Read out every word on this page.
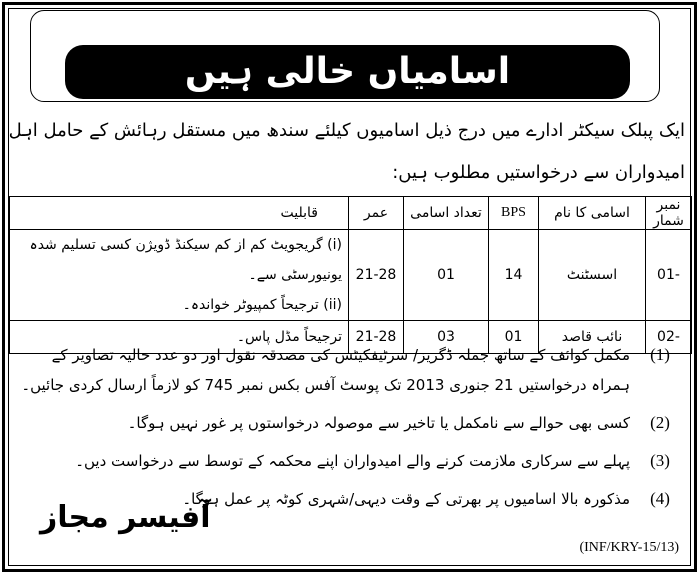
اسامیاں خالی ہیں
ایک پبلک سیکٹر ادارے میں درج ذیل اسامیوں کیلئے سندھ میں مستقل رہائش کے حامل اہل امیدواران سے درخواستیں مطلوب ہیں:
نمبر شمار	اسامی کا نام	BPS	تعداد اسامی	عمر	قابلیت
-01	اسسٹنٹ	14	01	21-28	(i) گریجویٹ کم از کم سیکنڈ ڈویژن کسی تسلیم شدہ یونیورسٹی سے۔
(ii) ترجیحاً کمپیوٹر خواندہ۔

-02	نائب قاصد	01	03	21-28	ترجیحاً مڈل پاس۔
(1)
مکمل کوائف کے ساتھ جملہ ڈگریز/ سرٹیفکیٹس کی مصدقہ نقول اور دو عدد حالیہ تصاویر کے ہمراہ درخواستیں 21 جنوری 2013 تک پوسٹ آفس بکس نمبر 745 کو لازماً ارسال کردی جائیں۔
(2)
کسی بھی حوالے سے نامکمل یا تاخیر سے موصولہ درخواستوں پر غور نہیں ہوگا۔
(3)
پہلے سے سرکاری ملازمت کرنے والے امیدواران اپنے محکمہ کے توسط سے درخواست دیں۔
(4)
مذکورہ بالا اسامیوں پر بھرتی کے وقت دیہی/شہری کوٹہ پر عمل ہوگا۔
آفیسر مجاز
(INF/KRY-15/13)
